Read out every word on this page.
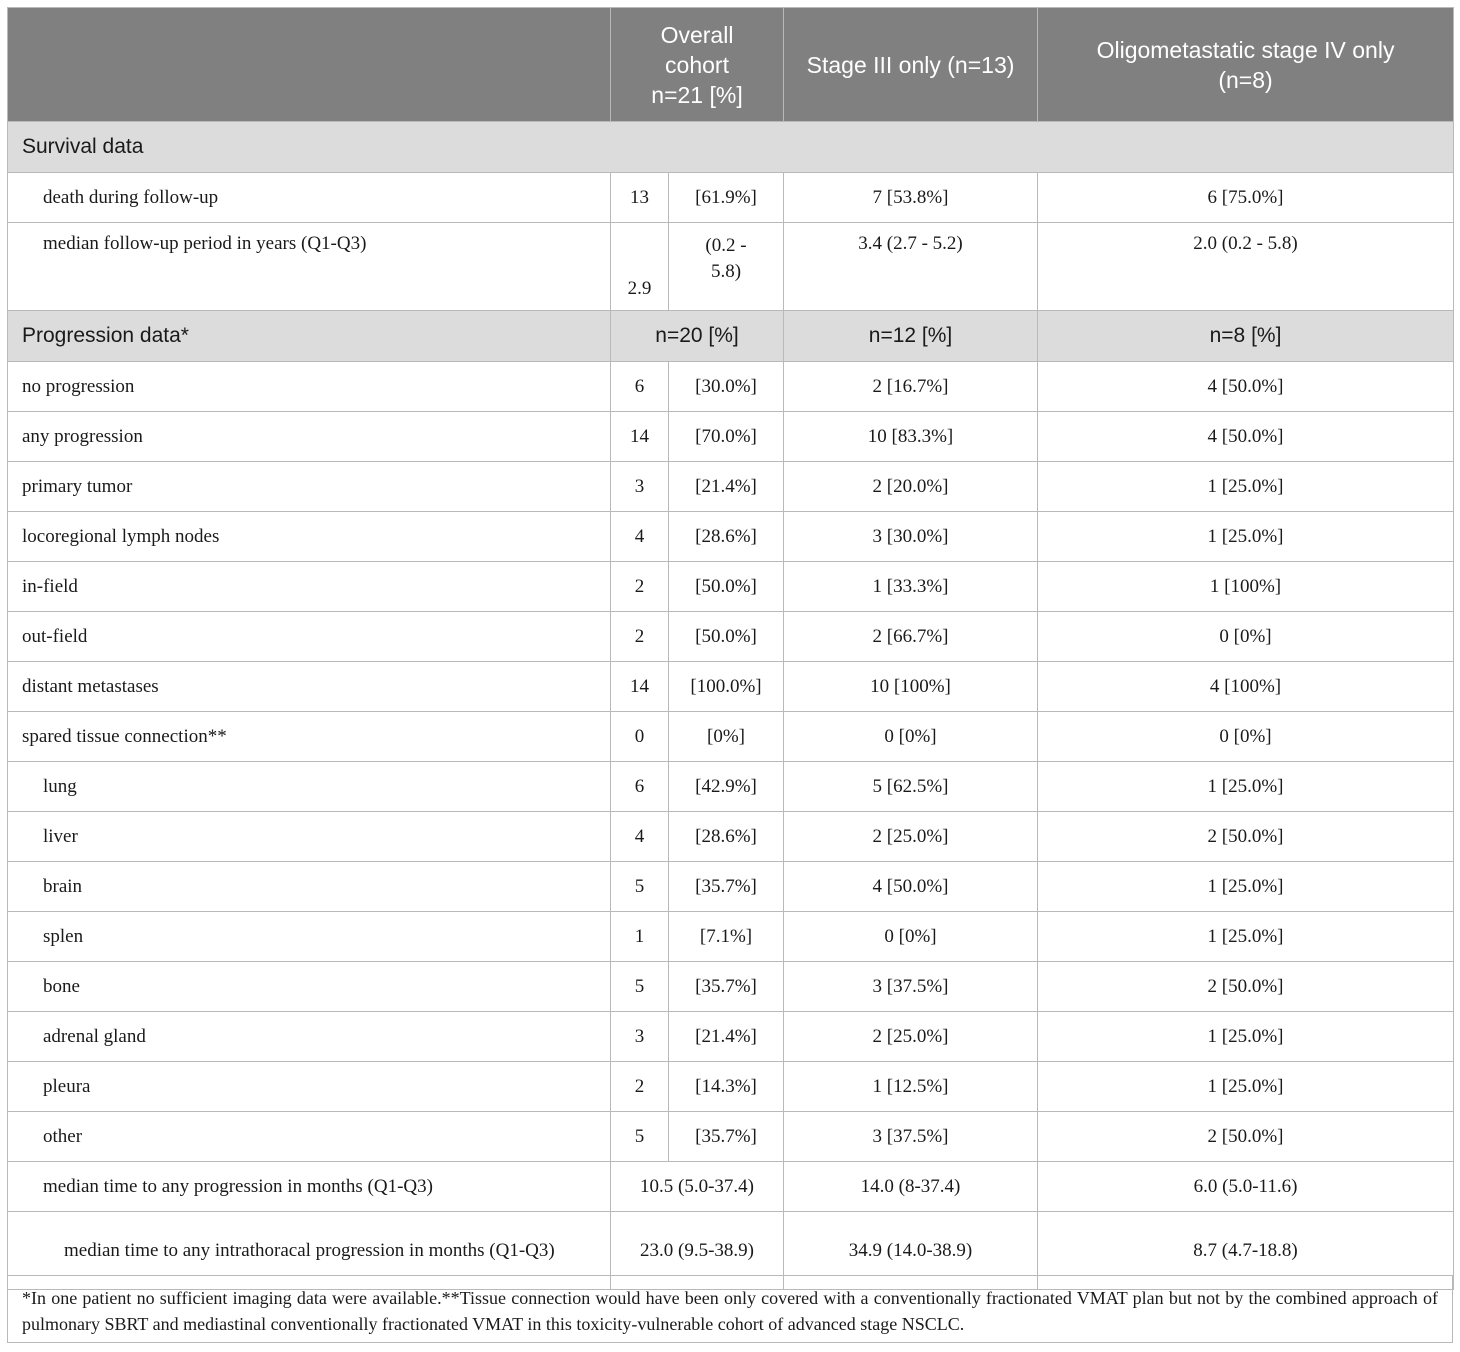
	Overall cohort n=21 [%]		Stage III only (n=13)	Oligometastatic stage IV only (n=8)
Survival data				
death during follow-up	13	[61.9%]	7 [53.8%]	6 [75.0%]
median follow-up period in years (Q1-Q3)	2.9	(0.2 - 5.8)	3.4 (2.7 - 5.2)	2.0 (0.2 - 5.8)
Progression data*	n=20 [%]		n=12 [%]	n=8 [%]
no progression	6	[30.0%]	2 [16.7%]	4 [50.0%]
any progression	14	[70.0%]	10 [83.3%]	4 [50.0%]
primary tumor	3	[21.4%]	2 [20.0%]	1 [25.0%]
locoregional lymph nodes	4	[28.6%]	3 [30.0%]	1 [25.0%]
in-field	2	[50.0%]	1 [33.3%]	1 [100%]
out-field	2	[50.0%]	2 [66.7%]	0 [0%]
distant metastases	14	[100.0%]	10 [100%]	4 [100%]
spared tissue connection**	0	[0%]	0 [0%]	0 [0%]
lung	6	[42.9%]	5 [62.5%]	1 [25.0%]
liver	4	[28.6%]	2 [25.0%]	2 [50.0%]
brain	5	[35.7%]	4 [50.0%]	1 [25.0%]
splen	1	[7.1%]	0 [0%]	1 [25.0%]
bone	5	[35.7%]	3 [37.5%]	2 [50.0%]
adrenal gland	3	[21.4%]	2 [25.0%]	1 [25.0%]
pleura	2	[14.3%]	1 [12.5%]	1 [25.0%]
other	5	[35.7%]	3 [37.5%]	2 [50.0%]
median time to any progression in months (Q1-Q3)	10.5 (5.0-37.4)		14.0 (8-37.4)	6.0 (5.0-11.6)
median time to any intrathoracal progression in months (Q1-Q3)	23.0 (9.5-38.9)		34.9 (14.0-38.9)	8.7 (4.7-18.8)
*In one patient no sufficient imaging data were available.**Tissue connection would have been only covered with a conventionally fractionated VMAT plan but not by the combined approach of pulmonary SBRT and mediastinal conventionally fractionated VMAT in this toxicity-vulnerable cohort of advanced stage NSCLC.
